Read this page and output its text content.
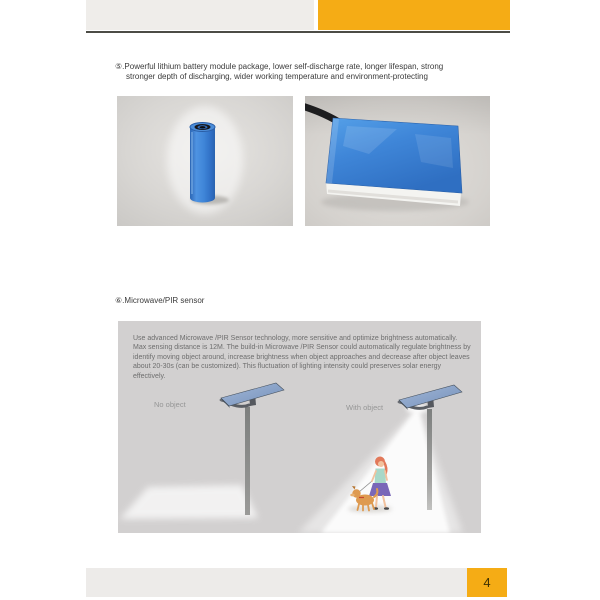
⑤.Powerful lithium battery module package, lower self-discharge rate, longer lifespan, strong
stronger depth of discharging, wider working temperature and environment-protecting
⑥.Microwave/PIR sensor
Use advanced Microwave /PIR Sensor technology, more sensitive and optimize brightness automatically. Max sensing distance is 12M. The build-in Microwave /PIR Sensor could automatically regulate brightness by identify moving object around, increase brightness when object approaches and decrease after object leaves about 20-30s (can be customized). This fluctuation of lighting intensity could preserves solar energy effectively.
No object	With object
4
